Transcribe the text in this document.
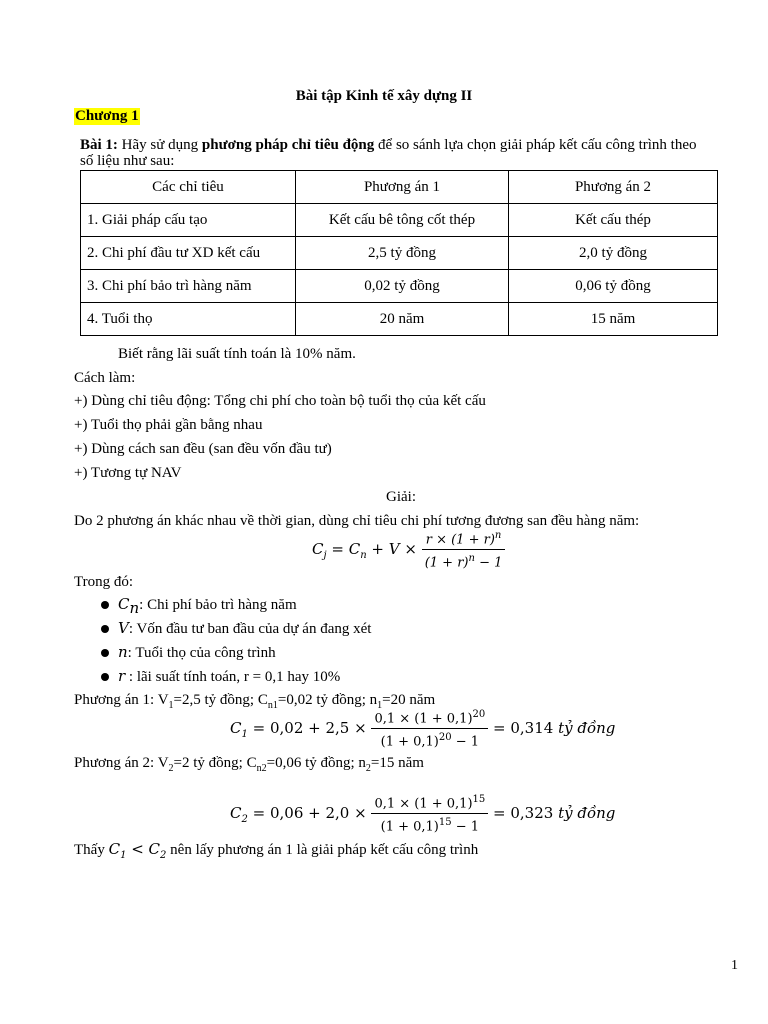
Bài tập Kinh tế xây dựng II
Chương 1
Bài 1: Hãy sử dụng phương pháp chỉ tiêu động để so sánh lựa chọn giải pháp kết cấu công trình theo
số liệu như sau:
Các chỉ tiêu	Phương án 1	Phương án 2
1. Giải pháp cấu tạo	Kết cấu bê tông cốt thép	Kết cấu thép
2. Chi phí đầu tư XD kết cấu	2,5 tỷ đồng	2,0 tỷ đồng
3. Chi phí bảo trì hàng năm	0,02 tỷ đồng	0,06 tỷ đồng
4. Tuổi thọ	20 năm	15 năm
Biết rằng lãi suất tính toán là 10% năm.
Cách làm:
+) Dùng chỉ tiêu động: Tổng chi phí cho toàn bộ tuổi thọ của kết cấu
+) Tuổi thọ phải gần bằng nhau
+) Dùng cách san đều (san đều vốn đầu tư)
+) Tương tự NAV
Giải:
Do 2 phương án khác nhau về thời gian, dùng chỉ tiêu chi phí tương đương san đều hàng năm:
$C_j = C_n + V \times \frac{r \times (1 + r)^n}{(1 + r)^n - 1}$
Trong đó:
$C_n$: Chi phí bảo trì hàng năm
V: Vốn đầu tư ban đầu của dự án đang xét
n: Tuổi thọ của công trình
r : lãi suất tính toán, r = 0,1 hay 10%
Phương án 1: $V_1=2,5$ tỷ đồng; $C_{n1}=0,02$ tỷ đồng; $n_1=20$ năm
$C_1 = 0,02 + 2,5 \times \frac{0,1 \times (1 + 0,1)^{20}}{(1 + 0,1)^{20} - 1} = 0,314$ tỷ đồng
Phương án 2: $V_2=2$ tỷ đồng; $C_{n2}=0,06$ tỷ đồng; $n_2=15$ năm
$C_2 = 0,06 + 2,0 \times \frac{0,1 \times (1 + 0,1)^{15}}{(1 + 0,1)^{15} - 1} = 0,323$ tỷ đồng
Thấy $C_1 < C_2$ nên lấy phương án 1 là giải pháp kết cấu công trình
1
